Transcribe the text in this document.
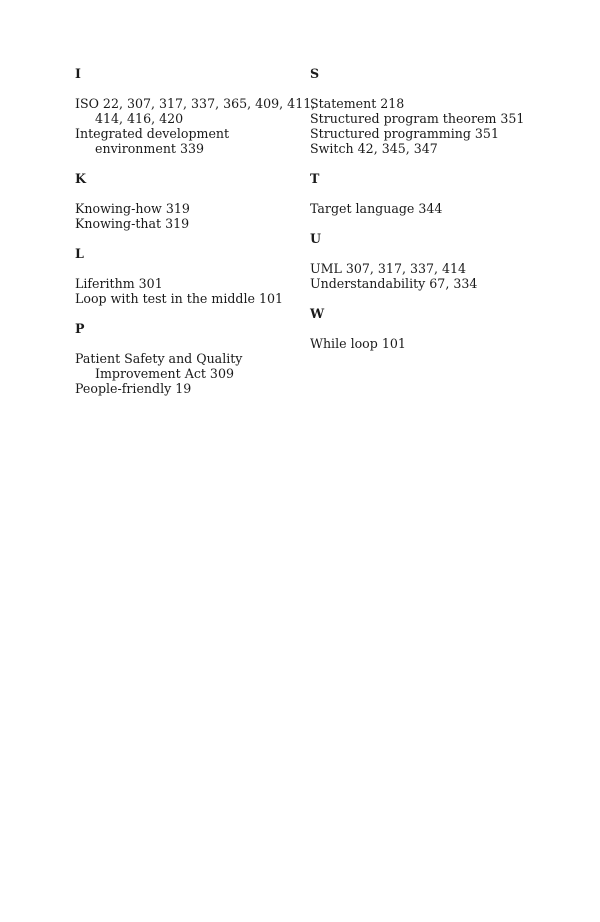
I
ISO 22, 307, 317, 337, 365, 409, 411,
414, 416, 420
Integrated development
environment 339
K
Knowing-how 319
Knowing-that 319
L
Liferithm 301
Loop with test in the middle 101
P
Patient Safety and Quality
Improvement Act 309
People-friendly 19
S
Statement 218
Structured program theorem 351
Structured programming 351
Switch 42, 345, 347
T
Target language 344
U
UML 307, 317, 337, 414
Understandability 67, 334
W
While loop 101
